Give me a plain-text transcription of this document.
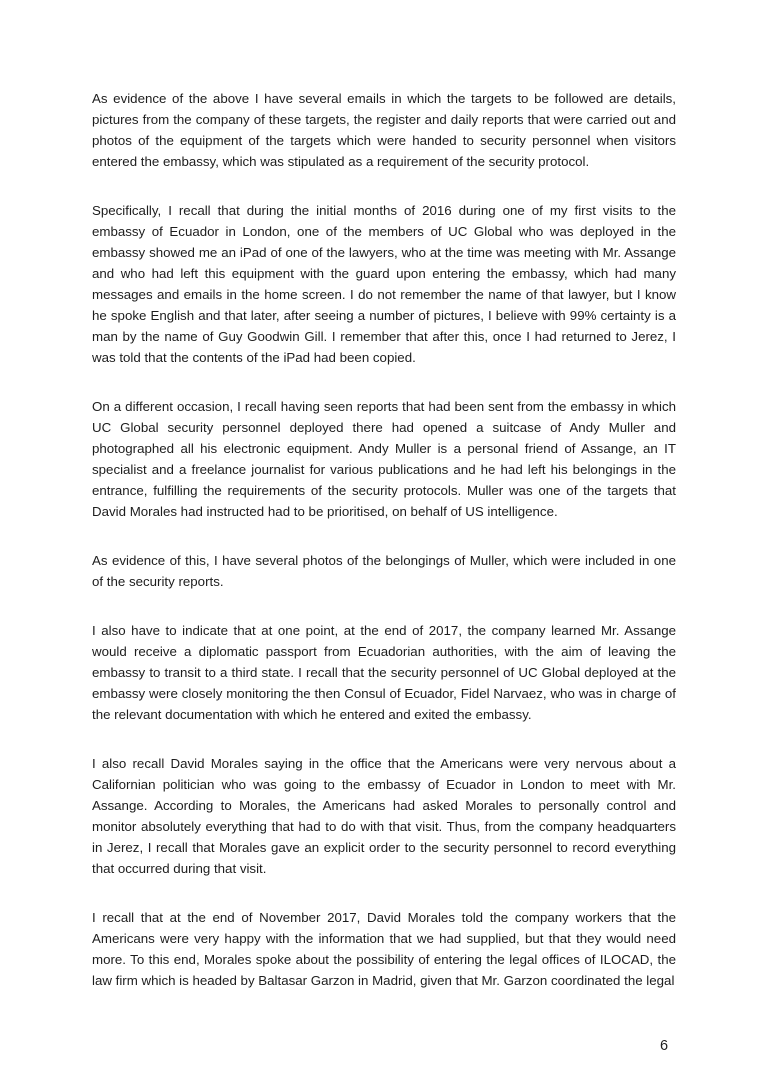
As evidence of the above I have several emails in which the targets to be followed are details, pictures from the company of these targets, the register and daily reports that were carried out and photos of the equipment of the targets which were handed to security personnel when visitors entered the embassy, which was stipulated as a requirement of the security protocol.

Specifically, I recall that during the initial months of 2016 during one of my first visits to the embassy of Ecuador in London, one of the members of UC Global who was deployed in the embassy showed me an iPad of one of the lawyers, who at the time was meeting with Mr. Assange and who had left this equipment with the guard upon entering the embassy, which had many messages and emails in the home screen. I do not remember the name of that lawyer, but I know he spoke English and that later, after seeing a number of pictures, I believe with 99% certainty is a man by the name of Guy Goodwin Gill. I remember that after this, once I had returned to Jerez, I was told that the contents of the iPad had been copied.

On a different occasion, I recall having seen reports that had been sent from the embassy in which UC Global security personnel deployed there had opened a suitcase of Andy Muller and photographed all his electronic equipment. Andy Muller is a personal friend of Assange, an IT specialist and a freelance journalist for various publications and he had left his belongings in the entrance, fulfilling the requirements of the security protocols. Muller was one of the targets that David Morales had instructed had to be prioritised, on behalf of US intelligence.

As evidence of this, I have several photos of the belongings of Muller, which were included in one of the security reports.

I also have to indicate that at one point, at the end of 2017, the company learned Mr. Assange would receive a diplomatic passport from Ecuadorian authorities, with the aim of leaving the embassy to transit to a third state. I recall that the security personnel of UC Global deployed at the embassy were closely monitoring the then Consul of Ecuador, Fidel Narvaez, who was in charge of the relevant documentation with which he entered and exited the embassy.

I also recall David Morales saying in the office that the Americans were very nervous about a Californian politician who was going to the embassy of Ecuador in London to meet with Mr. Assange. According to Morales, the Americans had asked Morales to personally control and monitor absolutely everything that had to do with that visit. Thus, from the company headquarters in Jerez, I recall that Morales gave an explicit order to the security personnel to record everything that occurred during that visit.

I recall that at the end of November 2017, David Morales told the company workers that the Americans were very happy with the information that we had supplied, but that they would need more. To this end, Morales spoke about the possibility of entering the legal offices of ILOCAD, the law firm which is headed by Baltasar Garzon in Madrid, given that Mr. Garzon coordinated the legal

6
